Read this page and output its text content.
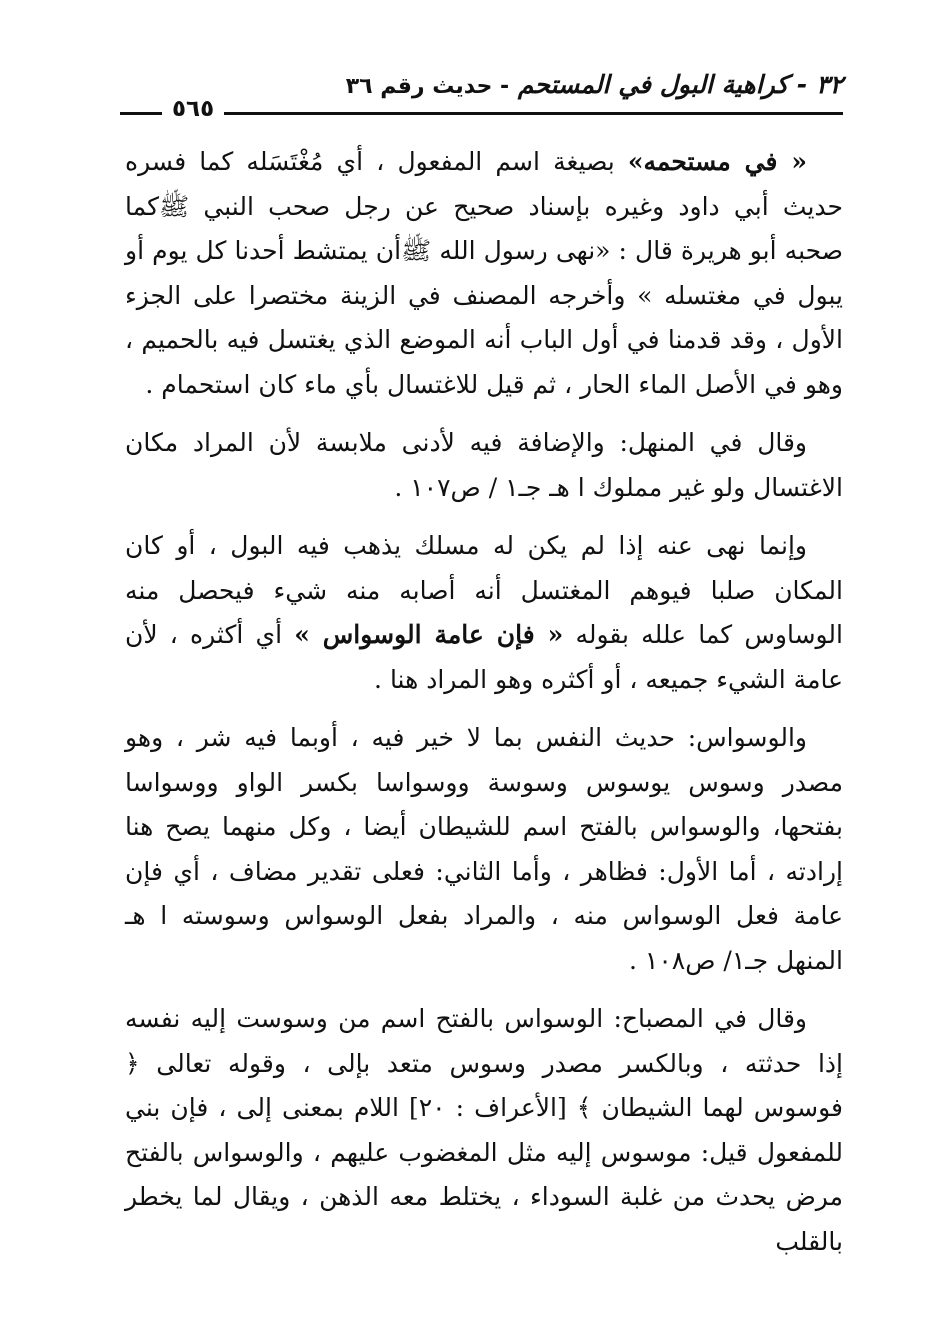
٣٢ - كراهية البول في المستحم - حديث رقم ٣٦
٥٦٥

« في مستحمه» بصيغة اسم المفعول ، أي مُغْتَسَله كما فسره حديث أبي داود وغيره بإسناد صحيح عن رجل صحب النبي ﷺكما صحبه أبو هريرة قال : «نهى رسول الله ﷺأن يمتشط أحدنا كل يوم أو يبول في مغتسله » وأخرجه المصنف في الزينة مختصرا على الجزء الأول ، وقد قدمنا في أول الباب أنه الموضع الذي يغتسل فيه بالحميم ، وهو في الأصل الماء الحار ، ثم قيل للاغتسال بأي ماء كان استحمام .

وقال في المنهل: والإضافة فيه لأدنى ملابسة لأن المراد مكان الاغتسال ولو غير مملوك ا هـ جـ١ / ص١٠٧ .

وإنما نهى عنه إذا لم يكن له مسلك يذهب فيه البول ، أو كان المكان صلبا فيوهم المغتسل أنه أصابه منه شيء فيحصل منه الوساوس كما علله بقوله « فإن عامة الوسواس » أي أكثره ، لأن عامة الشيء جميعه ، أو أكثره وهو المراد هنا .

والوسواس: حديث النفس بما لا خير فيه ، أوبما فيه شر ، وهو مصدر وسوس يوسوس وسوسة ووسواسا بكسر الواو ووسواسا بفتحها، والوسواس بالفتح اسم للشيطان أيضا ، وكل منهما يصح هنا إرادته ، أما الأول: فظاهر ، وأما الثاني: فعلى تقدير مضاف ، أي فإن عامة فعل الوسواس منه ، والمراد بفعل الوسواس وسوسته ا هـ المنهل جـ١/ ص١٠٨ .

وقال في المصباح: الوسواس بالفتح اسم من وسوست إليه نفسه إذا حدثته ، وبالكسر مصدر وسوس متعد بإلى ، وقوله تعالى ﴿ فوسوس لهما الشيطان ﴾ [الأعراف : ٢٠] اللام بمعنى إلى ، فإن بني للمفعول قيل: موسوس إليه مثل المغضوب عليهم ، والوسواس بالفتح مرض يحدث من غلبة السوداء ، يختلط معه الذهن ، ويقال لما يخطر بالقلب
